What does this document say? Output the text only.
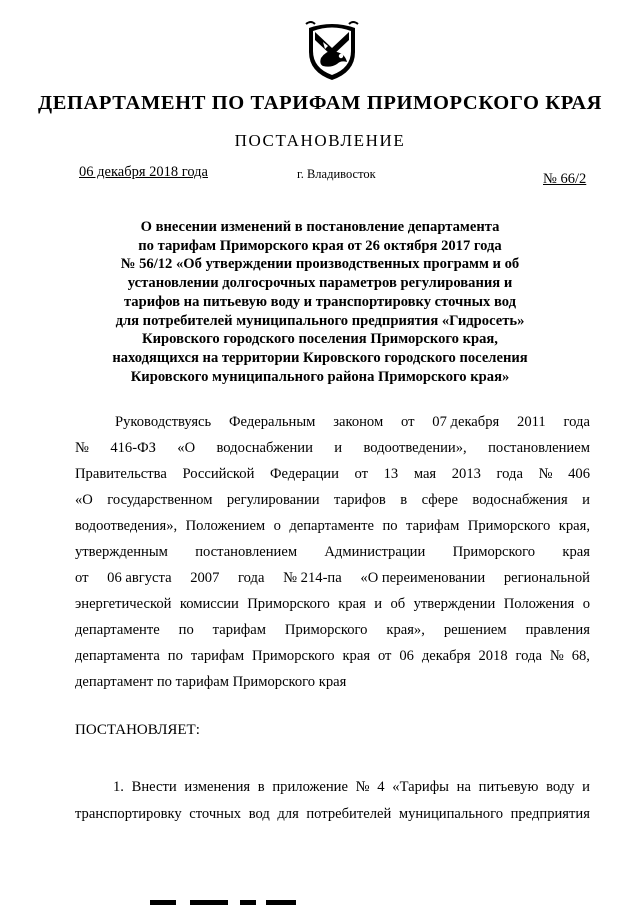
ДЕПАРТАМЕНТ ПО ТАРИФАМ ПРИМОРСКОГО КРАЯ
ПОСТАНОВЛЕНИЕ
06 декабря 2018 года	г. Владивосток	№ 66/2
О внесении изменений в постановление департамента
по тарифам Приморского края от 26 октября 2017 года
№ 56/12 «Об утверждении производственных программ и об
установлении долгосрочных параметров регулирования и
тарифов на питьевую воду и транспортировку сточных вод
для потребителей муниципального предприятия «Гидросеть»
Кировского городского поселения Приморского края,
находящихся на территории Кировского городского поселения
Кировского муниципального района Приморского края»
Руководствуясь Федеральным законом от 07 декабря 2011 года
№ 416-ФЗ «О водоснабжении и водоотведении», постановлением
Правительства Российской Федерации от 13 мая 2013 года № 406
«О государственном регулировании тарифов в сфере водоснабжения и
водоотведения», Положением о департаменте по тарифам Приморского края,
утвержденным постановлением Администрации Приморского края
от 06 августа 2007 года № 214-па «О переименовании региональной
энергетической комиссии Приморского края и об утверждении Положения о
департаменте по тарифам Приморского края», решением правления
департамента по тарифам Приморского края от 06 декабря 2018 года № 68,
департамент по тарифам Приморского края
ПОСТАНОВЛЯЕТ:
1. Внести изменения в приложение № 4 «Тарифы на питьевую воду и
транспортировку сточных вод для потребителей муниципального предприятия
